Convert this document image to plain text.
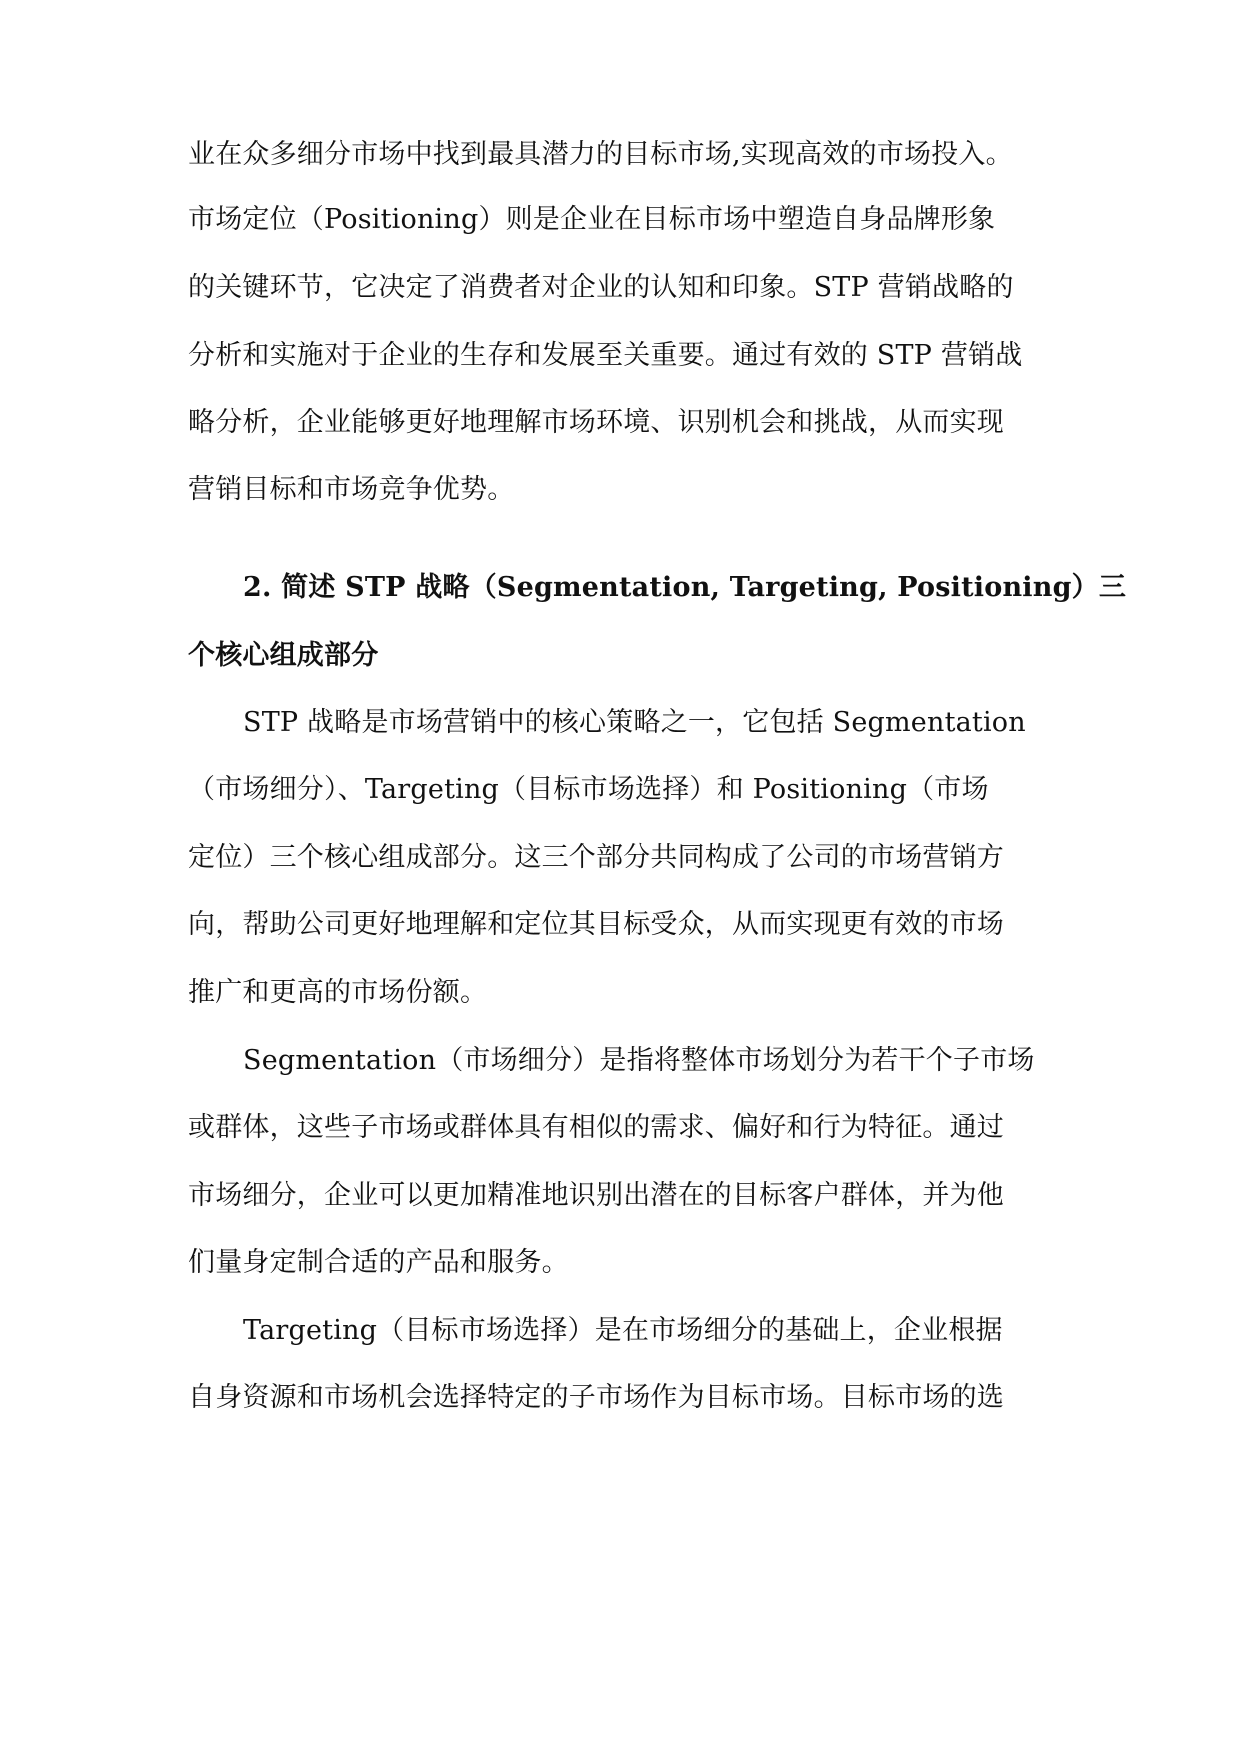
业在众多细分市场中找到最具潜力的目标市场,实现高效的市场投入。
市场定位（Positioning）则是企业在目标市场中塑造自身品牌形象
的关键环节，它决定了消费者对企业的认知和印象。STP 营销战略的
分析和实施对于企业的生存和发展至关重要。通过有效的 STP 营销战
略分析，企业能够更好地理解市场环境、识别机会和挑战，从而实现
营销目标和市场竞争优势。
2. 简述 STP 战略（Segmentation, Targeting, Positioning）三
个核心组成部分
STP 战略是市场营销中的核心策略之一，它包括 Segmentation
（市场细分）、Targeting（目标市场选择）和 Positioning（市场
定位）三个核心组成部分。这三个部分共同构成了公司的市场营销方
向，帮助公司更好地理解和定位其目标受众，从而实现更有效的市场
推广和更高的市场份额。
Segmentation（市场细分）是指将整体市场划分为若干个子市场
或群体，这些子市场或群体具有相似的需求、偏好和行为特征。通过
市场细分，企业可以更加精准地识别出潜在的目标客户群体，并为他
们量身定制合适的产品和服务。
Targeting（目标市场选择）是在市场细分的基础上，企业根据
自身资源和市场机会选择特定的子市场作为目标市场。目标市场的选
